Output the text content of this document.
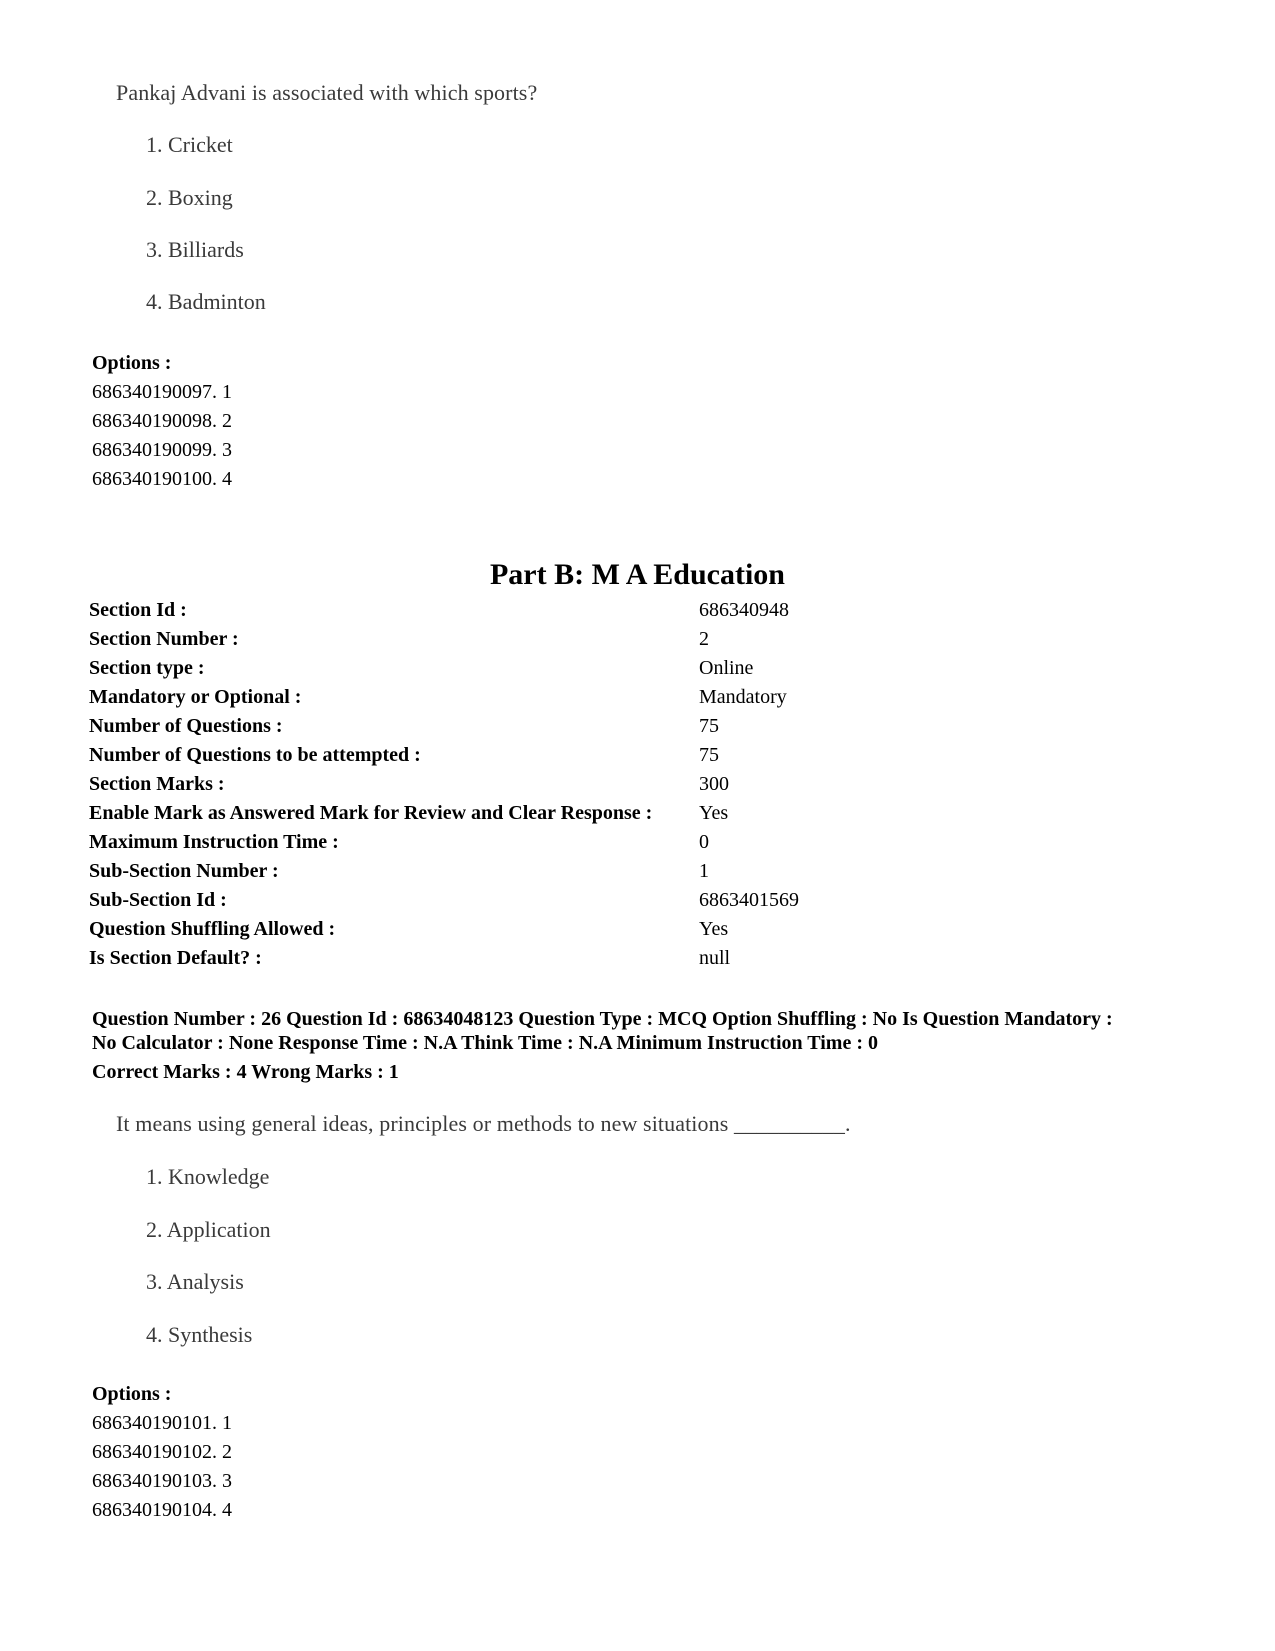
Pankaj Advani is associated with which sports?
1. Cricket
2. Boxing
3. Billiards
4. Badminton
Options :
686340190097. 1
686340190098. 2
686340190099. 3
686340190100. 4
Part B: M A Education
Section Id :	686340948
Section Number :	2
Section type :	Online
Mandatory or Optional :	Mandatory
Number of Questions :	75
Number of Questions to be attempted :	75
Section Marks :	300
Enable Mark as Answered Mark for Review and Clear Response : Yes
Maximum Instruction Time :	0
Sub-Section Number :	1
Sub-Section Id :	6863401569
Question Shuffling Allowed :	Yes
Is Section Default? :	null
Question Number : 26 Question Id : 68634048123 Question Type : MCQ Option Shuffling : No Is Question Mandatory :
No Calculator : None Response Time : N.A Think Time : N.A Minimum Instruction Time : 0
Correct Marks : 4 Wrong Marks : 1
It means using general ideas, principles or methods to new situations __________.
1. Knowledge
2. Application
3. Analysis
4. Synthesis
Options :
686340190101. 1
686340190102. 2
686340190103. 3
686340190104. 4
